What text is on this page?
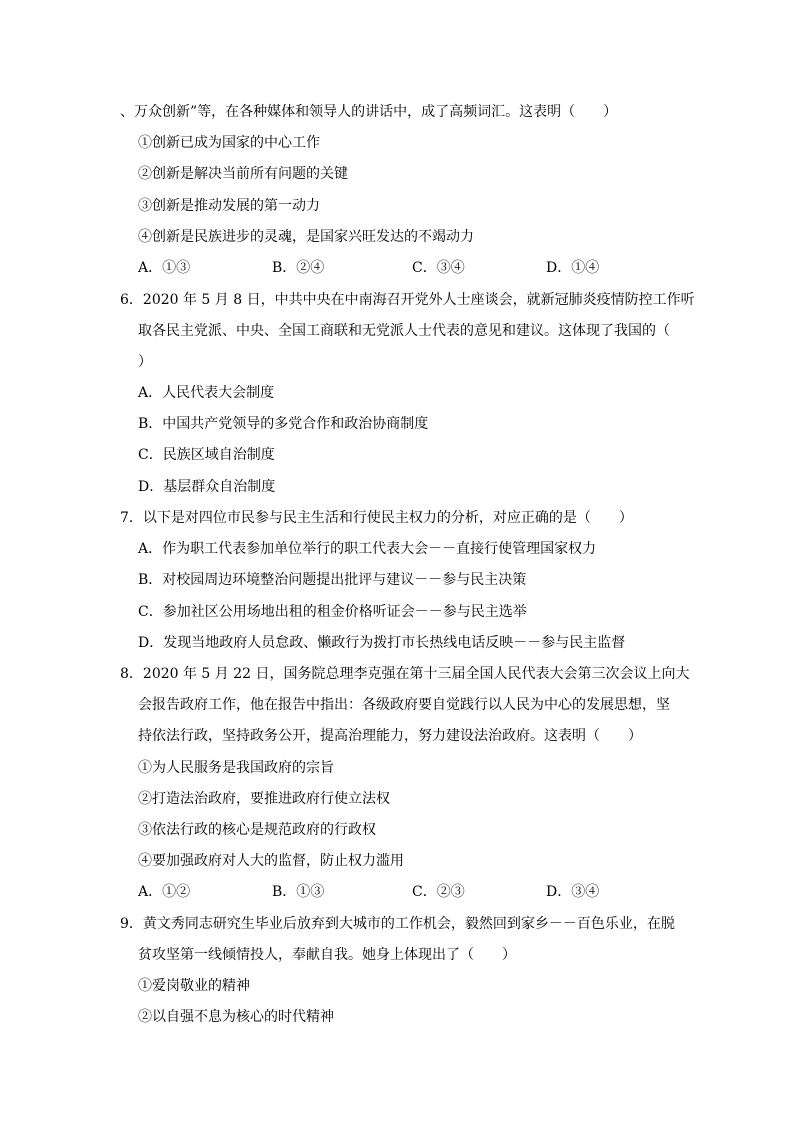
、万众创新”等，在各种媒体和领导人的讲话中，成了高频词汇。这表明（　　）
①创新已成为国家的中心工作
②创新是解决当前所有问题的关键
③创新是推动发展的第一动力
④创新是民族进步的灵魂，是国家兴旺发达的不竭动力
A．①③	B．②④	C．③④	D．①④
6．2020 年 5 月 8 日，中共中央在中南海召开党外人士座谈会，就新冠肺炎疫情防控工作听
取各民主党派、中央、全国工商联和无党派人士代表的意见和建议。这体现了我国的（
）
A．人民代表大会制度
B．中国共产党领导的多党合作和政治协商制度
C．民族区域自治制度
D．基层群众自治制度
7．以下是对四位市民参与民主生活和行使民主权力的分析，对应正确的是（　　）
A．作为职工代表参加单位举行的职工代表大会－－直接行使管理国家权力
B．对校园周边环境整治问题提出批评与建议－－参与民主决策
C．参加社区公用场地出租的租金价格听证会－－参与民主选举
D．发现当地政府人员怠政、懒政行为拨打市长热线电话反映－－参与民主监督
8．2020 年 5 月 22 日，国务院总理李克强在第十三届全国人民代表大会第三次会议上向大
会报告政府工作，他在报告中指出：各级政府要自觉践行以人民为中心的发展思想，坚
持依法行政，坚持政务公开，提高治理能力，努力建设法治政府。这表明（　　）
①为人民服务是我国政府的宗旨
②打造法治政府，要推进政府行使立法权
③依法行政的核心是规范政府的行政权
④要加强政府对人大的监督，防止权力滥用
A．①②	B．①③	C．②③	D．③④
9．黄文秀同志研究生毕业后放弃到大城市的工作机会，毅然回到家乡－－百色乐业，在脱
贫攻坚第一线倾情投人，奉献自我。她身上体现出了（　　）
①爱岗敬业的精神
②以自强不息为核心的时代精神
